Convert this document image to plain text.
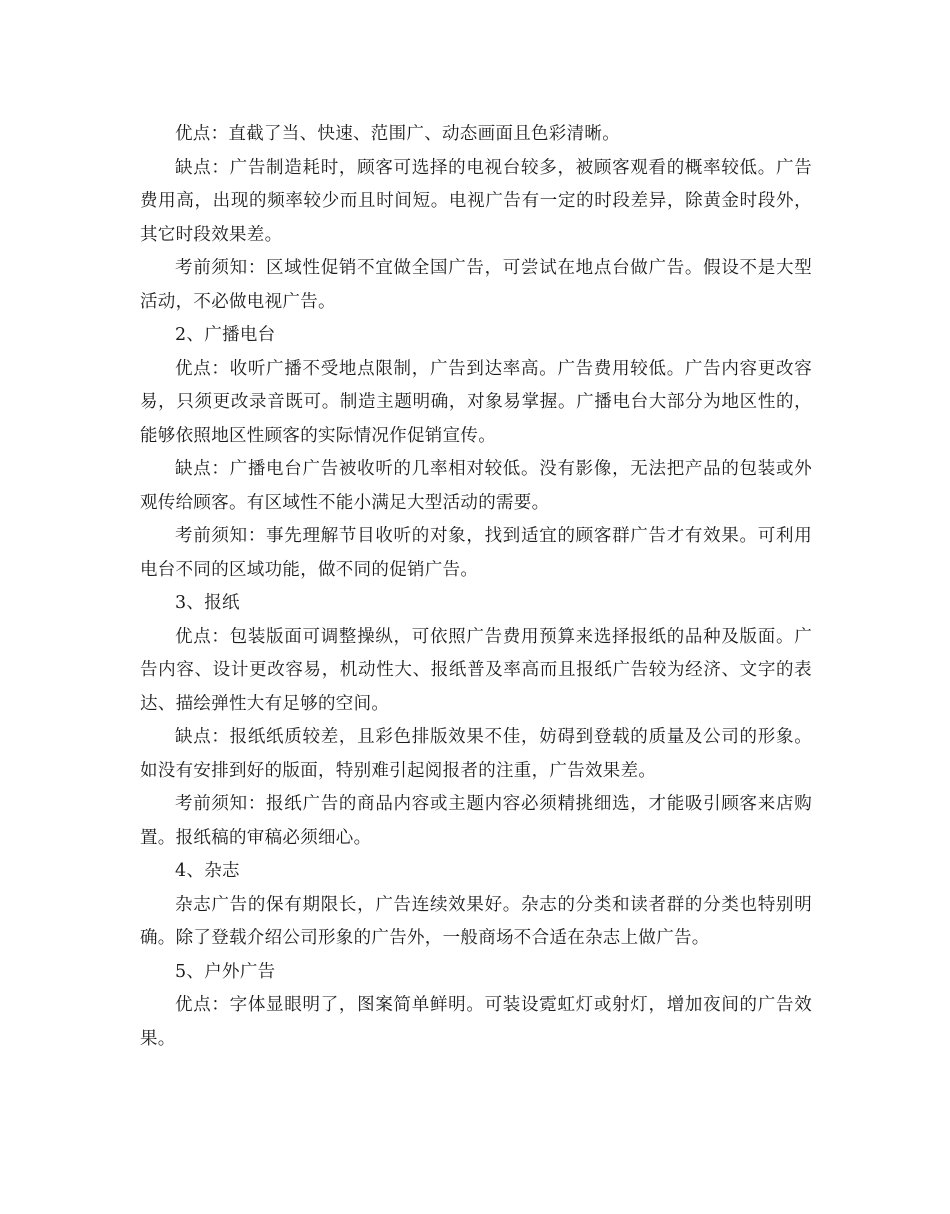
优点：直截了当、快速、范围广、动态画面且色彩清晰。

缺点：广告制造耗时，顾客可选择的电视台较多，被顾客观看的概率较低。广告费用高，出现的频率较少而且时间短。电视广告有一定的时段差异，除黄金时段外，其它时段效果差。

考前须知：区域性促销不宜做全国广告，可尝试在地点台做广告。假设不是大型活动，不必做电视广告。

2、广播电台

优点：收听广播不受地点限制，广告到达率高。广告费用较低。广告内容更改容易，只须更改录音既可。制造主题明确，对象易掌握。广播电台大部分为地区性的，能够依照地区性顾客的实际情况作促销宣传。

缺点：广播电台广告被收听的几率相对较低。没有影像，无法把产品的包装或外观传给顾客。有区域性不能小满足大型活动的需要。

考前须知：事先理解节目收听的对象，找到适宜的顾客群广告才有效果。可利用电台不同的区域功能，做不同的促销广告。

3、报纸

优点：包装版面可调整操纵，可依照广告费用预算来选择报纸的品种及版面。广告内容、设计更改容易，机动性大、报纸普及率高而且报纸广告较为经济、文字的表达、描绘弹性大有足够的空间。

缺点：报纸纸质较差，且彩色排版效果不佳，妨碍到登载的质量及公司的形象。如没有安排到好的版面，特别难引起阅报者的注重，广告效果差。

考前须知：报纸广告的商品内容或主题内容必须精挑细选，才能吸引顾客来店购置。报纸稿的审稿必须细心。

4、杂志

杂志广告的保有期限长，广告连续效果好。杂志的分类和读者群的分类也特别明确。除了登载介绍公司形象的广告外，一般商场不合适在杂志上做广告。

5、户外广告

优点：字体显眼明了，图案简单鲜明。可装设霓虹灯或射灯，增加夜间的广告效果。
